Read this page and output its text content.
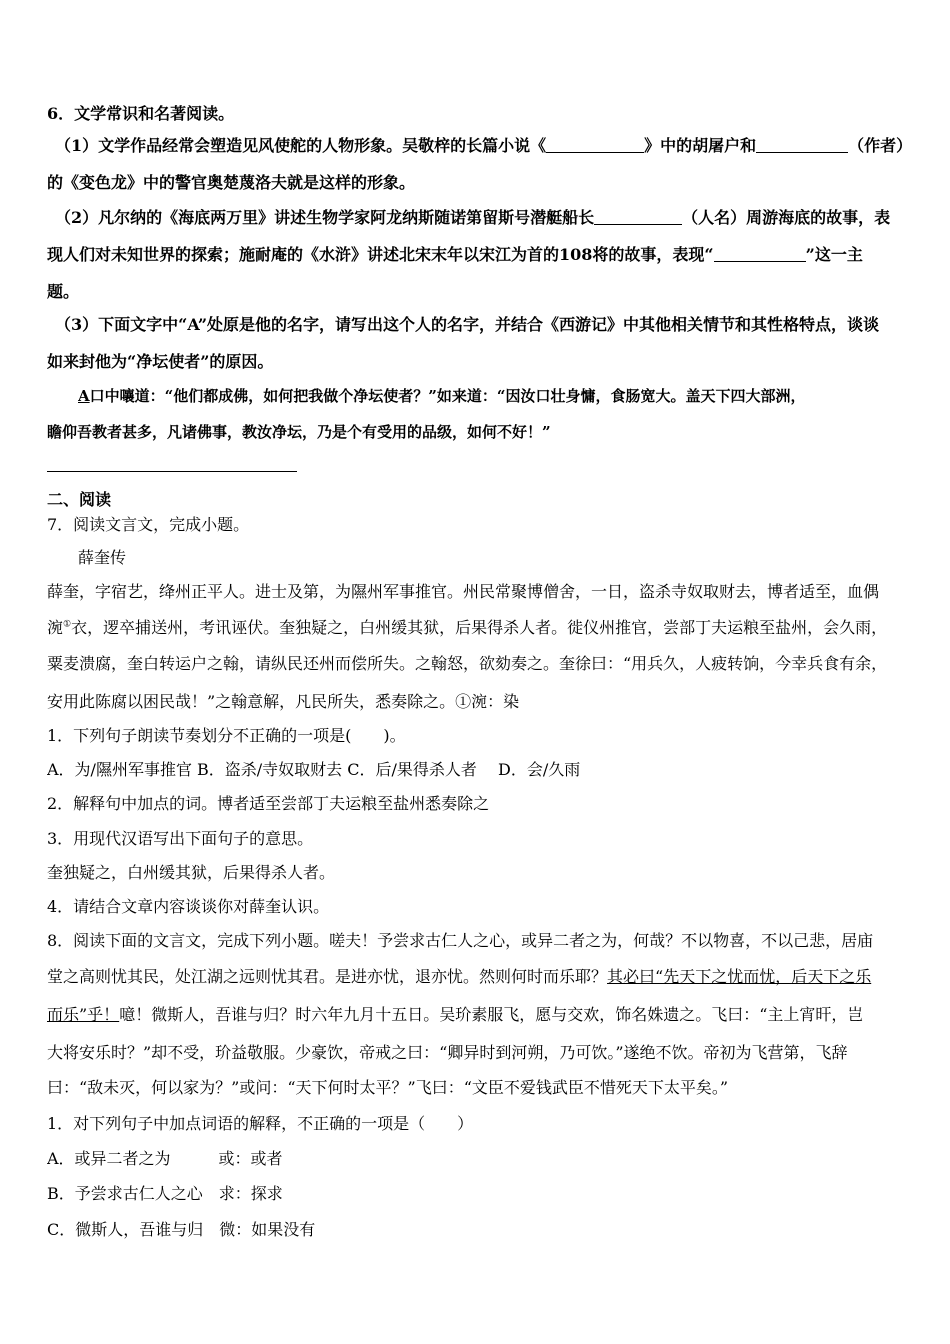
6．文学常识和名著阅读。
（1）文学作品经常会塑造见风使舵的人物形象。吴敬梓的长篇小说《	》中的胡屠户和	（作者）
的《变色龙》中的警官奥楚蔑洛夫就是这样的形象。
（2）凡尔纳的《海底两万里》讲述生物学家阿龙纳斯随诺第留斯号潜艇船长	（人名）周游海底的故事，表
现人们对未知世界的探索；施耐庵的《水浒》讲述北宋末年以宋江为首的108将的故事，表现“	”这一主
题。
（3）下面文字中“A”处原是他的名字，请写出这个人的名字，并结合《西游记》中其他相关情节和其性格特点，谈谈
如来封他为“净坛使者”的原因。
A口中嚷道：“他们都成佛，如何把我做个净坛使者？”如来道：“因汝口壮身慵，食肠宽大。盖天下四大部洲，
瞻仰吾教者甚多，凡诸佛事，教汝净坛，乃是个有受用的品级，如何不好！”
二、阅读
7．阅读文言文，完成小题。
薛奎传
薛奎，字宿艺，绛州正平人。进士及第，为隰州军事推官。州民常聚博僧舍，一日，盗杀寺奴取财去，博者适至，血偶
涴①衣，逻卒捕送州，考讯诬伏。奎独疑之，白州缓其狱，后果得杀人者。徙仪州推官，尝部丁夫运粮至盐州，会久雨，
粟麦溃腐，奎白转运户之翰，请纵民还州而偿所失。之翰怒，欲劾奏之。奎徐曰：“用兵久，人疲转饷，今幸兵食有余，
安用此陈腐以困民哉！”之翰意解，凡民所失，悉奏除之。①涴：染
1．下列句子朗读节奏划分不正确的一项是(　　)。
A．为/隰州军事推官 B．盗杀/寺奴取财去 C．后/果得杀人者　 D．会/久雨
2．解释句中加点的词。博者适至尝部丁夫运粮至盐州悉奏除之
3．用现代汉语写出下面句子的意思。
奎独疑之，白州缓其狱，后果得杀人者。
4．请结合文章内容谈谈你对薛奎认识。
8．阅读下面的文言文，完成下列小题。嗟夫！予尝求古仁人之心，或异二者之为，何哉？不以物喜，不以己悲，居庙
堂之高则忧其民，处江湖之远则忧其君。是进亦忧，退亦忧。然则何时而乐耶？其必曰“先天下之忧而忧，后天下之乐
而乐”乎！噫！微斯人，吾谁与归？时六年九月十五日。吴玠素服飞，愿与交欢，饰名姝遗之。飞曰：“主上宵旰，岂
大将安乐时？”却不受，玠益敬服。少豪饮，帝戒之曰：“卿异时到河朔，乃可饮。”遂绝不饮。帝初为飞营第，飞辞
曰：“敌未灭，何以家为？”或问：“天下何时太平？”飞曰：“文臣不爱钱武臣不惜死天下太平矣。”
1．对下列句子中加点词语的解释，不正确的一项是（　　）
A．或异二者之为　　　或：或者
B．予尝求古仁人之心　求：探求
C．微斯人，吾谁与归　微：如果没有
